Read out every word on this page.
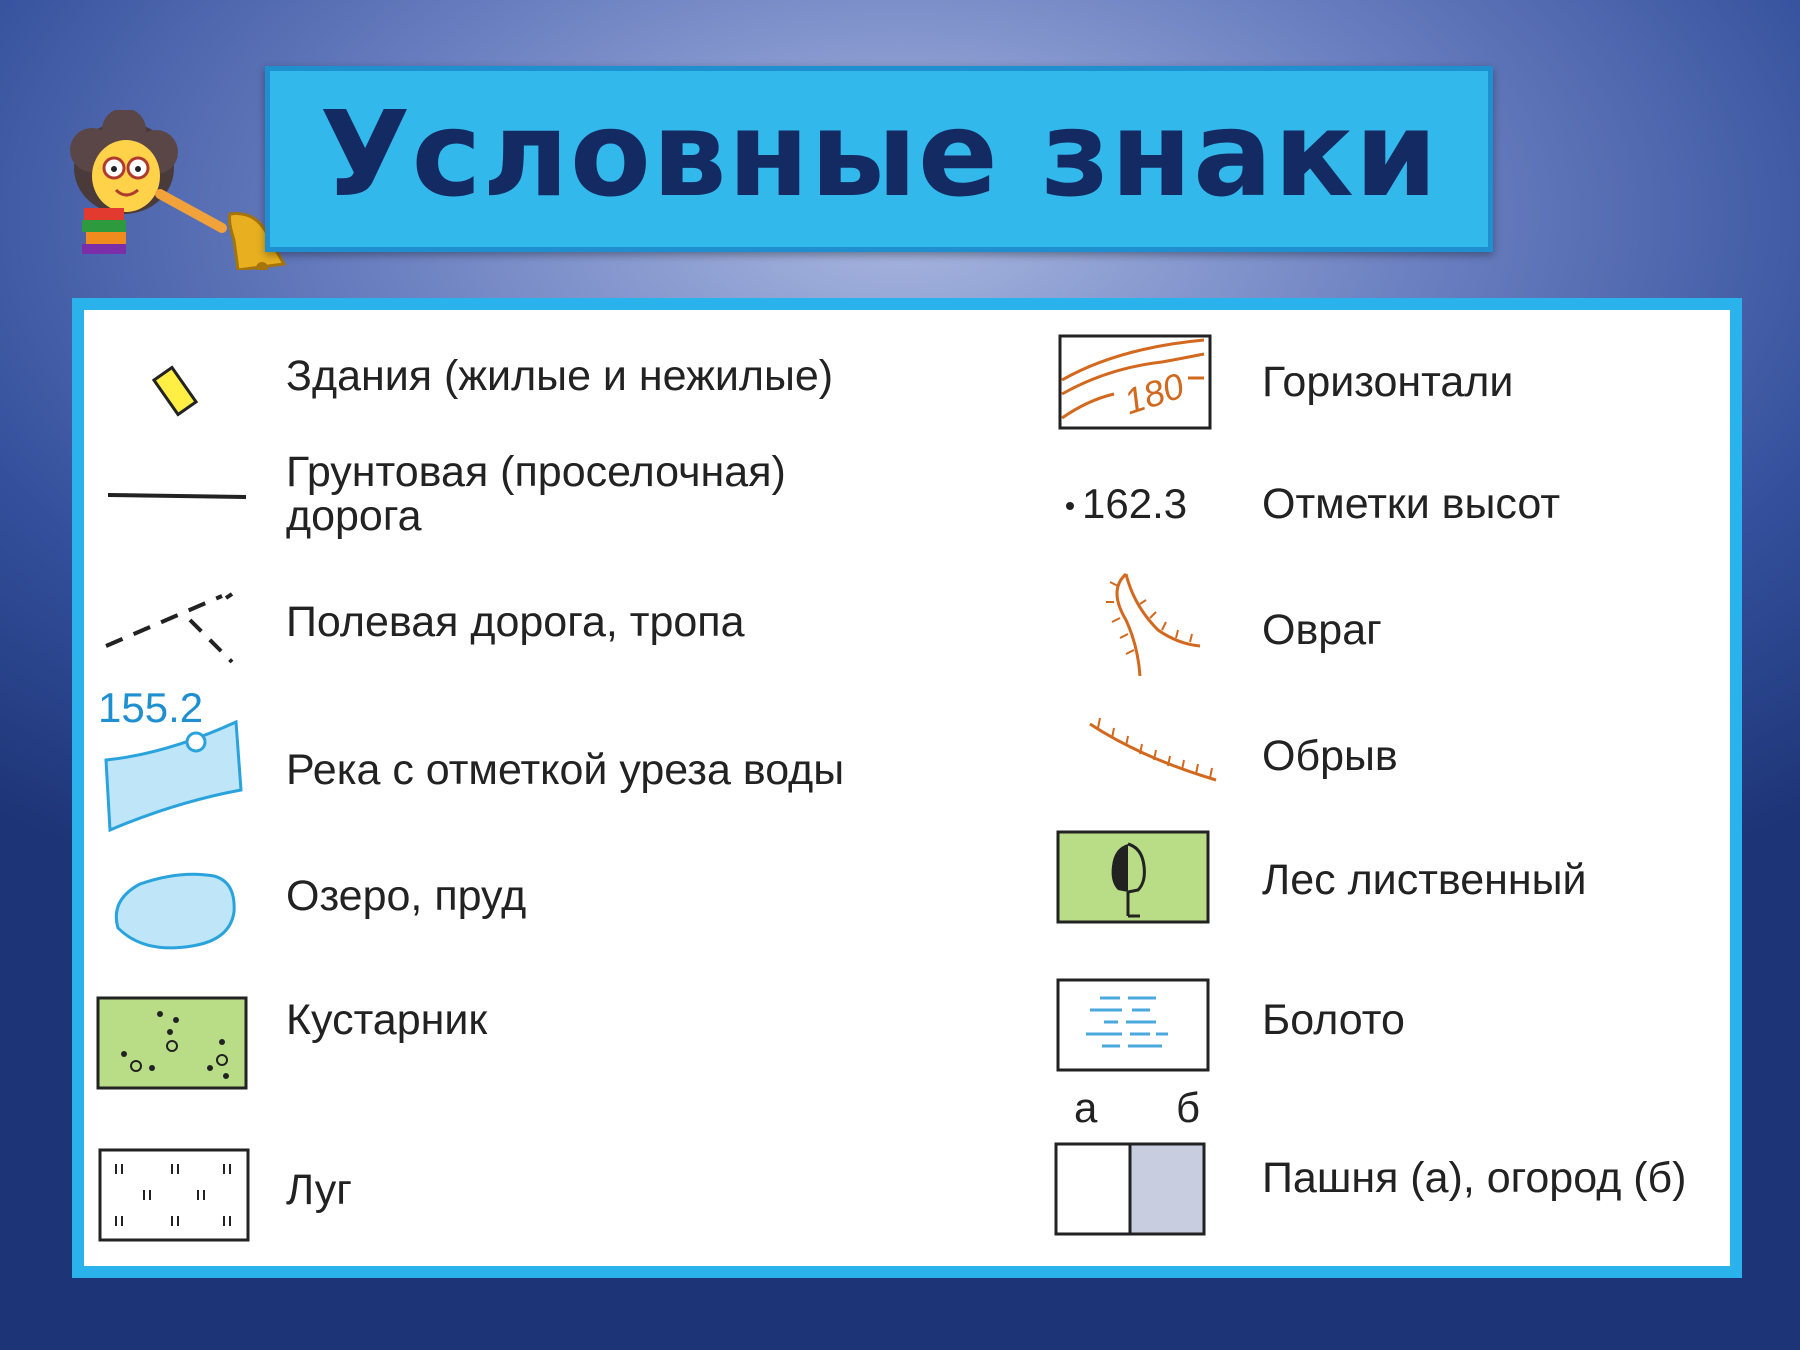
Условные знаки
Здания (жилые и нежилые)
Грунтовая (проселочная)
дорога
Полевая дорога, тропа
155.2
Река с отметкой уреза воды
Озеро, пруд
Кустарник
Луг
180 Горизонтали
162.3 Отметки высот
Овраг
Обрыв
Лес лиственный
Болото
а б
Пашня (а), огород (б)
